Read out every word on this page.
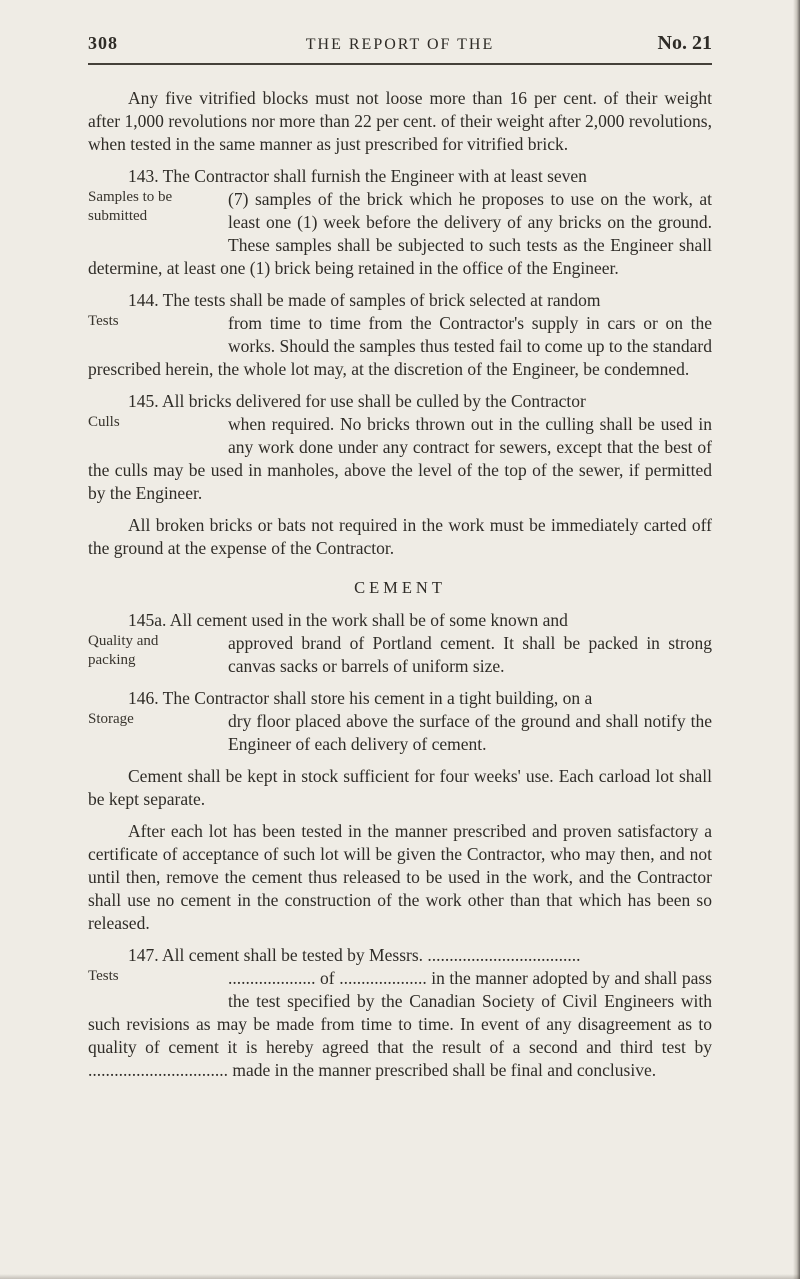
308	THE REPORT OF THE	No. 21
Any five vitrified blocks must not loose more than 16 per cent. of their weight after 1,000 revolutions nor more than 22 per cent. of their weight after 2,000 revolutions, when tested in the same manner as just prescribed for vitrified brick.
143. The Contractor shall furnish the Engineer with at least seven
Samples to be submitted
(7) samples of the brick which he proposes to use on the work, at least one (1) week before the delivery of any bricks on the ground. These samples shall be subjected to such tests as the Engineer shall determine, at least one (1) brick being retained in the office of the Engineer.
144. The tests shall be made of samples of brick selected at random
Tests	from time to time from the Contractor's supply in cars or on the works. Should the samples thus tested fail to come up to the standard prescribed herein, the whole lot may, at the discretion of the Engineer, be condemned.
145. All bricks delivered for use shall be culled by the Contractor
Culls	when required. No bricks thrown out in the culling shall be used in any work done under any contract for sewers, except that the best of the culls may be used in manholes, above the level of the top of the sewer, if permitted by the Engineer.
All broken bricks or bats not required in the work must be immediately carted off the ground at the expense of the Contractor.
CEMENT
145a. All cement used in the work shall be of some known and
Quality and packing
approved brand of Portland cement. It shall be packed in strong canvas sacks or barrels of uniform size.
146. The Contractor shall store his cement in a tight building, on a
Storage	dry floor placed above the surface of the ground and shall notify the Engineer of each delivery of cement.
Cement shall be kept in stock sufficient for four weeks' use. Each carload lot shall be kept separate.
After each lot has been tested in the manner prescribed and proven satisfactory a certificate of acceptance of such lot will be given the Contractor, who may then, and not until then, remove the cement thus released to be used in the work, and the Contractor shall use no cement in the construction of the work other than that which has been so released.
147. All cement shall be tested by Messrs. ...................................
Tests	.................... of .................... in the manner adopted by and shall pass the test specified by the Canadian Society of Civil Engineers with such revisions as may be made from time to time. In event of any disagreement as to quality of cement it is hereby agreed that the result of a second and third test by ................................ made in the manner prescribed shall be final and conclusive.
